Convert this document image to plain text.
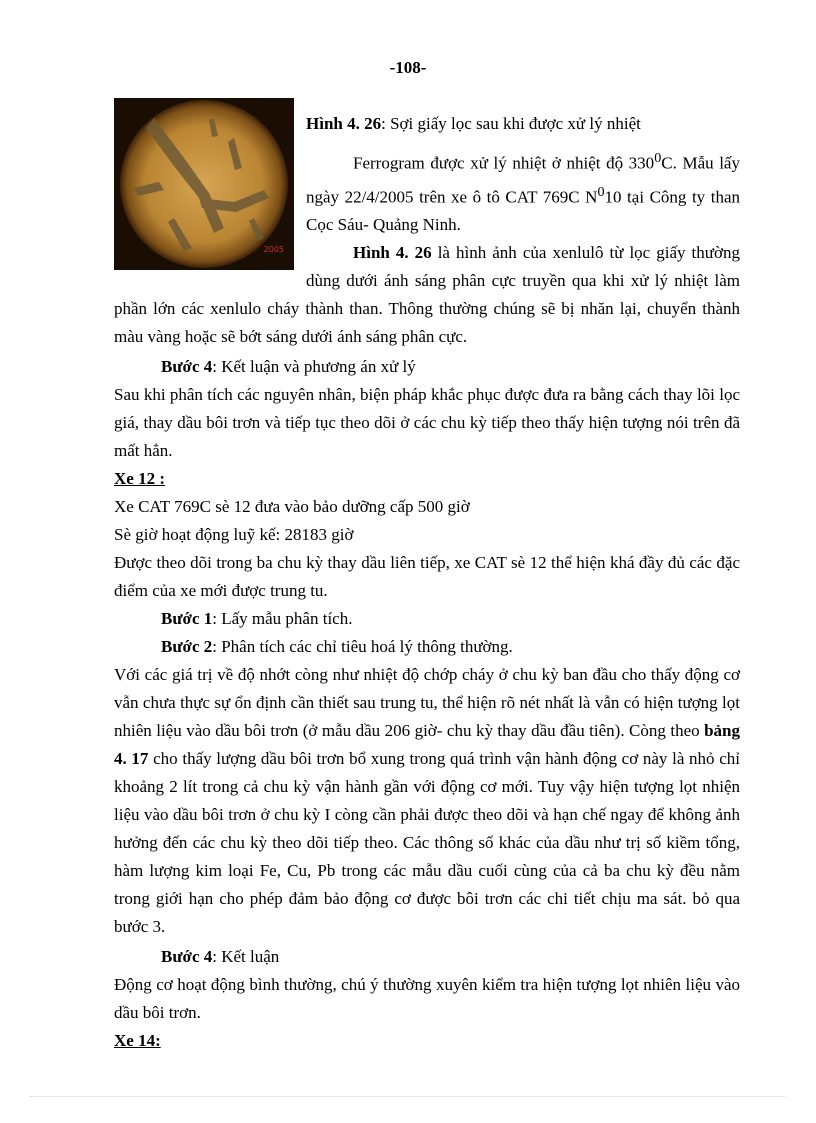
-108-
2005

Hình 4. 26: Sợi giấy lọc sau khi được xử lý nhiệt

Ferrogram được xử lý nhiệt ở nhiệt độ $330^0C$. Mẫu lấy ngày 22/4/2005 trên xe ô tô CAT 769C $N^010$ tại Công ty than Cọc Sáu- Quảng Ninh.

Hình 4. 26 là hình ảnh của xenlulô từ lọc giấy thường dùng dưới ánh sáng phân cực truyền qua khi xử lý nhiệt làm phần lớn các xenlulo cháy thành than. Thông thường chúng sẽ bị nhăn lại, chuyển thành màu vàng hoặc sẽ bớt sáng dưới ánh sáng phân cực.

Bước 4: Kết luận và phương án xử lý

Sau khi phân tích các nguyên nhân, biện pháp khắc phục được đưa ra bằng cách thay lõi lọc giá, thay dầu bôi trơn và tiếp tục theo dõi ở các chu kỳ tiếp theo thấy hiện tượng nói trên đã mất hẳn.

Xe 12 :

Xe CAT 769C sè 12 đưa vào bảo dưỡng cấp 500 giờ

Sè giờ hoạt động luỹ kế: 28183 giờ

Được theo dõi trong ba chu kỳ thay dầu liên tiếp, xe CAT sè 12 thể hiện khá đầy đủ các đặc điểm của xe mới được trung tu.

Bước 1: Lấy mẫu phân tích.

Bước 2: Phân tích các chỉ tiêu hoá lý thông thường.

Với các giá trị về độ nhớt còng như nhiệt độ chớp cháy ở chu kỳ ban đầu cho thấy động cơ vẫn chưa thực sự ổn định cần thiết sau trung tu, thể hiện rõ nét nhất là vẫn có hiện tượng lọt nhiên liệu vào dầu bôi trơn (ở mẫu dầu 206 giờ- chu kỳ thay dầu đầu tiên). Còng theo bảng 4. 17 cho thấy lượng dầu bôi trơn bổ xung trong quá trình vận hành động cơ này là nhỏ chỉ khoảng 2 lít trong cả chu kỳ vận hành gần với động cơ mới. Tuy vậy hiện tượng lọt nhiện liệu vào dầu bôi trơn ở chu kỳ I còng cần phải được theo dõi và hạn chế ngay để không ảnh hưởng đến các chu kỳ theo dõi tiếp theo. Các thông số khác của dầu như trị số kiềm tổng, hàm lượng kim loại Fe, Cu, Pb trong các mẫu dầu cuối cùng của cả ba chu kỳ đều nằm trong giới hạn cho phép đảm bảo động cơ được bôi trơn các chi tiết chịu ma sát. bỏ qua bước 3.

Bước 4: Kết luận

Động cơ hoạt động bình thường, chú ý thường xuyên kiểm tra hiện tượng lọt nhiên liệu vào dầu bôi trơn.

Xe 14:
